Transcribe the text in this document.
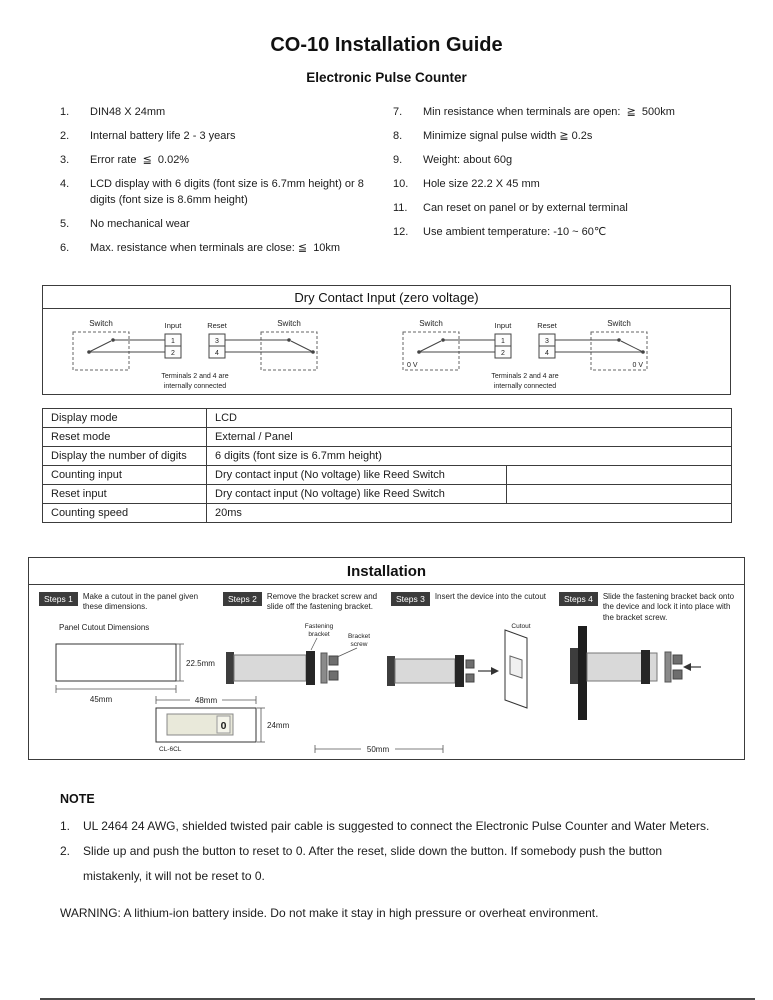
CO-10 Installation Guide
Electronic Pulse Counter
1.	DIN48 X 24mm
2.	Internal battery life 2 - 3 years
3.	Error rate  ≦  0.02%
4.	LCD display with 6 digits (font size is 6.7mm height) or 8 digits (font size is 8.6mm height)
5.	No mechanical wear
6.	Max. resistance when terminals are close: ≦  10km
7.	Min resistance when terminals are open:  ≧  500km
8.	Minimize signal pulse width ≧ 0.2s
9.	Weight: about 60g
10.	Hole size 22.2 X 45 mm
11.	Can reset on panel or by external terminal
12.	Use ambient temperature: -10 ~ 60℃
Dry Contact Input (zero voltage)
Switch	Switch
Input	Reset
1
2
3
4
Terminals 2 and 4 are
internally connected
Switch	Switch
Input	Reset
1
2
3
4
0 V	0 V
Terminals 2 and 4 are
internally connected
Display mode	LCD	
Reset mode	External / Panel	
Display the number of digits	6 digits (font size is 6.7mm height)	
Counting input	Dry contact input (No voltage) like Reed Switch	
Reset input	Dry contact input (No voltage) like Reed Switch	
Counting speed	20ms	
Installation
Steps 1	Make a cutout in the panel given these dimensions.
Steps 2	Remove the bracket screw and slide off the fastening bracket.
Steps 3	Insert the device into the cutout	Steps 4	Slide the fastening bracket back onto the device and lock it into place with the bracket screw.
Panel Cutout Dimensions
22.5mm
45mm
0
CL-6CL
48mm
24mm
Fastening
bracket	Bracket
screw
Cutout
50mm
NOTE
1.	UL 2464 24 AWG, shielded twisted pair cable is suggested to connect the Electronic Pulse Counter and Water Meters.
2.	Slide up and push the button to reset to 0. After the reset, slide down the button. If somebody push the button mistakenly, it will not be reset to 0.
WARNING: A lithium-ion battery inside. Do not make it stay in high pressure or overheat environment.
